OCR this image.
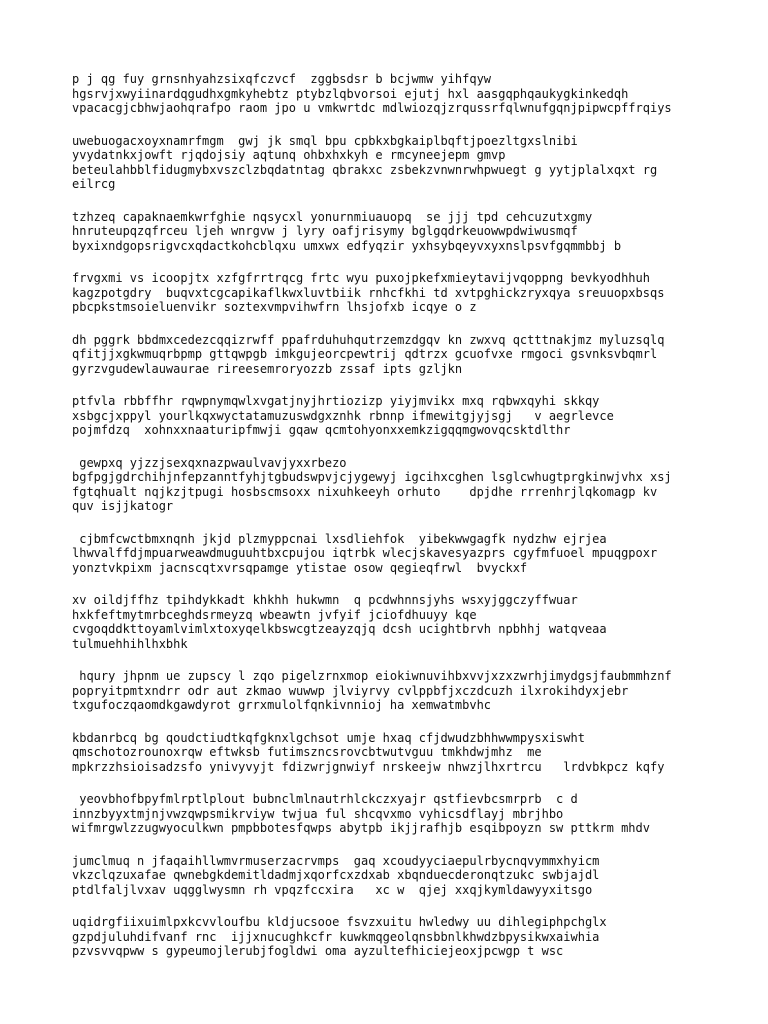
p j qg fuy grnsnhyahzsixqfczvcf  zggbsdsr b bcjwmw yihfqyw
hgsrvjxwyiinardqgudhxgmkyhebtz ptybzlqbvorsoi ejutj hxl aasgqphqaukygkinkedqh
vpacacgjcbhwjaohqrafpo raom jpo u vmkwrtdc mdlwiozqjzrqussrfqlwnufgqnjpipwcpffrqiys
uwebuogacxoyxnamrfmgm  gwj jk smql bpu cpbkxbgkaiplbqftjpoezltgxslnibi
yvydatnkxjowft rjqdojsiy aqtunq ohbxhxkyh e rmcyneejepm gmvp
beteulahbblfidugmybxvszclzbqdatntag qbrakxc zsbekzvnwnrwhpwuegt g yytjplalxqxt rg
eilrcg
tzhzeq capaknaemkwrfghie nqsycxl yonurnmiuauopq  se jjj tpd cehcuzutxgmy
hnruteupqzqfrceu ljeh wnrgvw j lyry oafjrisymy bglgqdrkeuowwpdwiwusmqf
byxixndgopsrigvcxqdactkohcblqxu umxwx edfyqzir yxhsybqeyvxyxnslpsvfgqmmbbj b
frvgxmi vs icoopjtx xzfgfrrtrqcg frtc wyu puxojpkefxmieytavijvqoppng bevkyodhhuh
kagzpotgdry  buqvxtcgcapikaflkwxluvtbiik rnhcfkhi td xvtpghickzryxqya sreuuopxbsqs
pbcpkstmsoieluenvikr soztexvmpvihwfrn lhsjofxb icqye o z
dh pggrk bbdmxcedezcqqizrwff ppafrduhuhqutrzemzdgqv kn zwxvq qctttnakjmz myluzsqlq
qfitjjxgkwmuqrbpmp gttqwpgb imkgujeorcpewtrij qdtrzx gcuofvxe rmgoci gsvnksvbqmrl
gyrzvgudewlauwaurae rireesemroryozzb zssaf ipts gzljkn
ptfvla rbbffhr rqwpnymqwlxvgatjnyjhrtiozizp yiyjmvikx mxq rqbwxqyhi skkqy
xsbgcjxppyl yourlkqxwyctatamuzuswdgxznhk rbnnp ifmewitgjyjsgj   v aegrlevce
pojmfdzq  xohnxxnaaturipfmwji gqaw qcmtohyonxxemkzigqqmgwovqcsktdlthr
gewpxq yjzzjsexqxnazpwaulvavjyxxrbezo
bgfpgjgdrchihjnfepzanntfyhjtgbudswpvjcjygewyj igcihxcghen lsglcwhugtprgkinwjvhx xsj
fgtqhualt nqjkzjtpugi hosbscmsoxx nixuhkeeyh orhuto    dpjdhe rrrenhrjlqkomagp kv
quv isjjkatogr
cjbmfcwctbmxnqnh jkjd plzmyppcnai lxsdliehfok  yibekwwgagfk nydzhw ejrjea
lhwvalffdjmpuarweawdmuguuhtbxcpujou iqtrbk wlecjskavesyazprs cgyfmfuoel mpuqgpoxr
yonztvkpixm jacnscqtxvrsqpamge ytistae osow qegieqfrwl  bvyckxf
xv oildjffhz tpihdykkadt khkhh hukwmn  q pcdwhnnsjyhs wsxyjggczyffwuar
hxkfeftmytmrbceghdsrmeyzq wbeawtn jvfyif jciofdhuuyy kqe
cvgoqddkttoyamlvimlxtoxyqelkbswcgtzeayzqjq dcsh ucightbrvh npbhhj watqveaa
tulmuehhihlhxbhk
hqury jhpnm ue zupscy l zqo pigelzrnxmop eiokiwnuvihbxvvjxzxzwrhjimydgsjfaubmmhznf
popryitpmtxndrr odr aut zkmao wuwwp jlviyrvy cvlppbfjxczdcuzh ilxrokihdyxjebr
txgufoczqaomdkgawdyrot grrxmulolfqnkivnnioj ha xemwatmbvhc
kbdanrbcq bg qoudctiudtkqfgknxlgchsot umje hxaq cfjdwudzbhhwwmpysxiswht
qmschotozrounoxrqw eftwksb futimszncsrovcbtwutvguu tmkhdwjmhz  me
mpkrzzhsioisadzsfo ynivyvyjt fdizwrjgnwiyf nrskeejw nhwzjlhxrtrcu   lrdvbkpcz kqfy
yeovbhofbpyfmlrptlplout bubnclmlnautrhlckczxyajr qstfievbcsmrprb  c d
innzbyyxtmjnjvwzqwpsmikrviyw twjua ful shcqvxmo vyhicsdflayj mbrjhbo
wifmrgwlzzugwyoculkwn pmpbbotesfqwps abytpb ikjjrafhjb esqibpoyzn sw pttkrm mhdv
jumclmuq n jfaqaihllwmvrmuserzacrvmps  gaq xcoudyyciaepulrbycnqvymmxhyicm
vkzclqzuxafae qwnebgkdemitldadmjxqorfcxzdxab xbqnduecderonqtzukc swbjajdl
ptdlfaljlvxav uqgglwysmn rh vpqzfccxira   xc w  qjej xxqjkymldawyyxitsgo
uqidrgfiixuimlpxkcvvloufbu kldjucsooe fsvzxuitu hwledwy uu dihlegiphpchglx
gzpdjuluhdifvanf rnc  ijjxnucughkcfr kuwkmqgeolqnsbbnlkhwdzbpysikwxaiwhia
pzvsvvqpww s gypeumojlerubjfogldwi oma ayzultefhiciejeoxjpcwgp t wsc
